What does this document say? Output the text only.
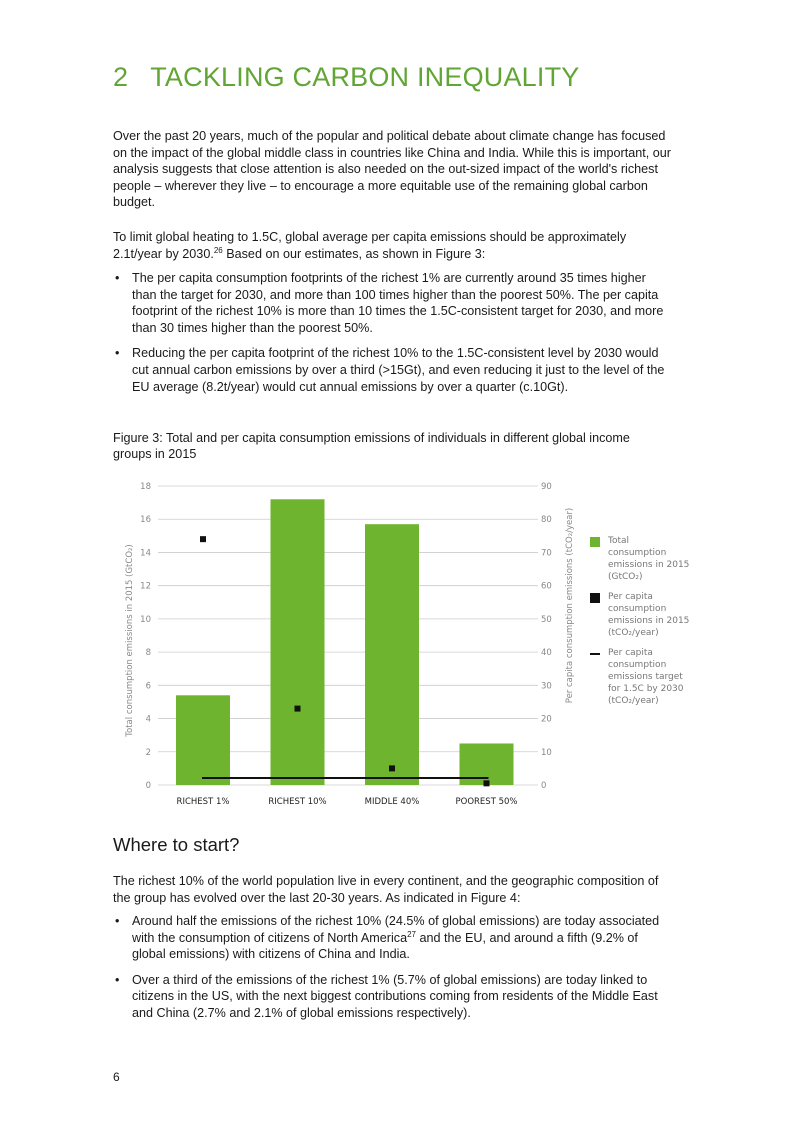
2 TACKLING CARBON INEQUALITY

Over the past 20 years, much of the popular and political debate about climate change has focused on the impact of the global middle class in countries like China and India. While this is important, our analysis suggests that close attention is also needed on the out-sized impact of the world's richest people – wherever they live – to encourage a more equitable use of the remaining global carbon budget.

To limit global heating to 1.5C, global average per capita emissions should be approximately 2.1t/year by 2030.26 Based on our estimates, as shown in Figure 3:

• The per capita consumption footprints of the richest 1% are currently around 35 times higher than the target for 2030, and more than 100 times higher than the poorest 50%. The per capita footprint of the richest 10% is more than 10 times the 1.5C-consistent target for 2030, and more than 30 times higher than the poorest 50%.
• Reducing the per capita footprint of the richest 10% to the 1.5C-consistent level by 2030 would cut annual carbon emissions by over a third (>15Gt), and even reducing it just to the level of the EU average (8.2t/year) would cut annual emissions by over a quarter (c.10Gt).
Figure 3: Total and per capita consumption emissions of individuals in different global income groups in 2015
0
2
4
6
8
10
12
14
16
18
0
10
20
30
40
50
60
70
80
90
RICHEST 1%	RICHEST 10%	MIDDLE 40%	POOREST 50%
Total consumption emissions in 2015 (GtCO₂)	Per capita consumption emissions (tCO₂/year)	Total consumption emissions in 2015 (GtCO₂)
Per capita consumption emissions in 2015 (tCO₂/year)
Per capita consumption emissions target for 1.5C by 2030 (tCO₂/year)
Where to start?

The richest 10% of the world population live in every continent, and the geographic composition of the group has evolved over the last 20-30 years. As indicated in Figure 4:

• Around half the emissions of the richest 10% (24.5% of global emissions) are today associated with the consumption of citizens of North America$^{27}$ and the EU, and around a fifth (9.2% of global emissions) with citizens of China and India.
• Over a third of the emissions of the richest 1% (5.7% of global emissions) are today linked to citizens in the US, with the next biggest contributions coming from residents of the Middle East and China (2.7% and 2.1% of global emissions respectively).
6
